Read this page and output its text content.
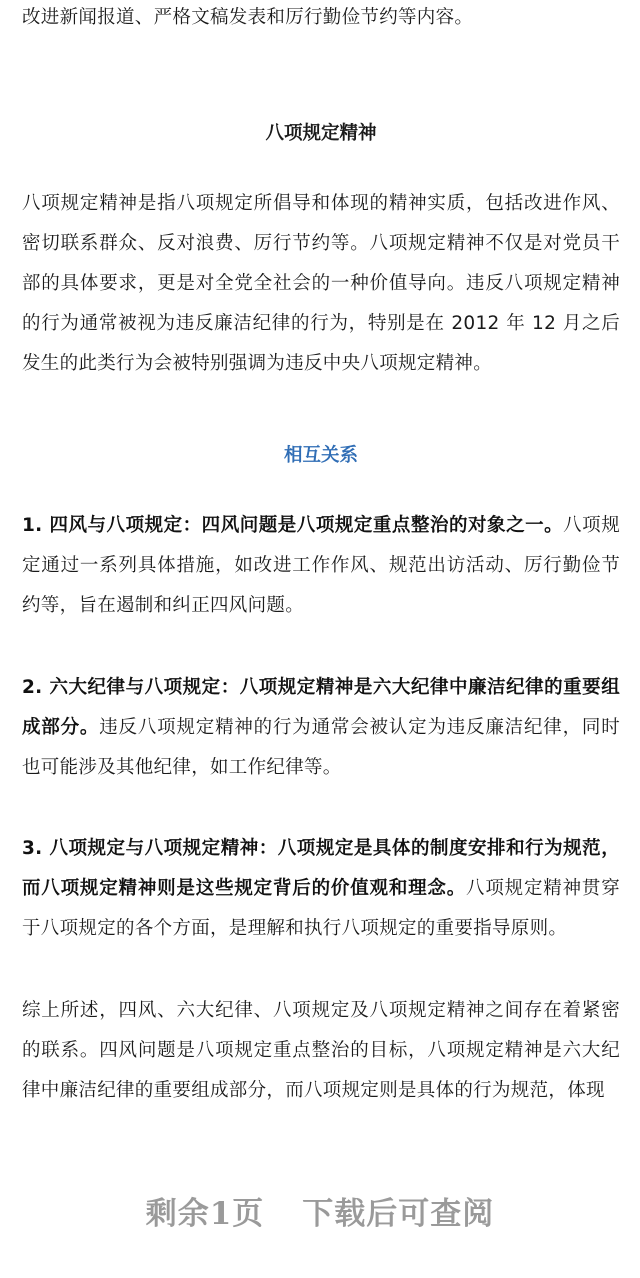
改进新闻报道、严格文稿发表和厉行勤俭节约等内容。

八项规定精神

八项规定精神是指八项规定所倡导和体现的精神实质，包括改进作风、密切联系群众、反对浪费、厉行节约等。八项规定精神不仅是对党员干部的具体要求，更是对全党全社会的一种价值导向。违反八项规定精神的行为通常被视为违反廉洁纪律的行为，特别是在 2012 年 12 月之后发生的此类行为会被特别强调为违反中央八项规定精神。

相互关系

1. 四风与八项规定：四风问题是八项规定重点整治的对象之一。八项规定通过一系列具体措施，如改进工作作风、规范出访活动、厉行勤俭节约等，旨在遏制和纠正四风问题。

2. 六大纪律与八项规定：八项规定精神是六大纪律中廉洁纪律的重要组成部分。违反八项规定精神的行为通常会被认定为违反廉洁纪律，同时也可能涉及其他纪律，如工作纪律等。

3. 八项规定与八项规定精神：八项规定是具体的制度安排和行为规范，而八项规定精神则是这些规定背后的价值观和理念。八项规定精神贯穿于八项规定的各个方面，是理解和执行八项规定的重要指导原则。

综上所述，四风、六大纪律、八项规定及八项规定精神之间存在着紧密的联系。四风问题是八项规定重点整治的目标，八项规定精神是六大纪律中廉洁纪律的重要组成部分，而八项规定则是具体的行为规范，体现

剩余1页 下载后可查阅
